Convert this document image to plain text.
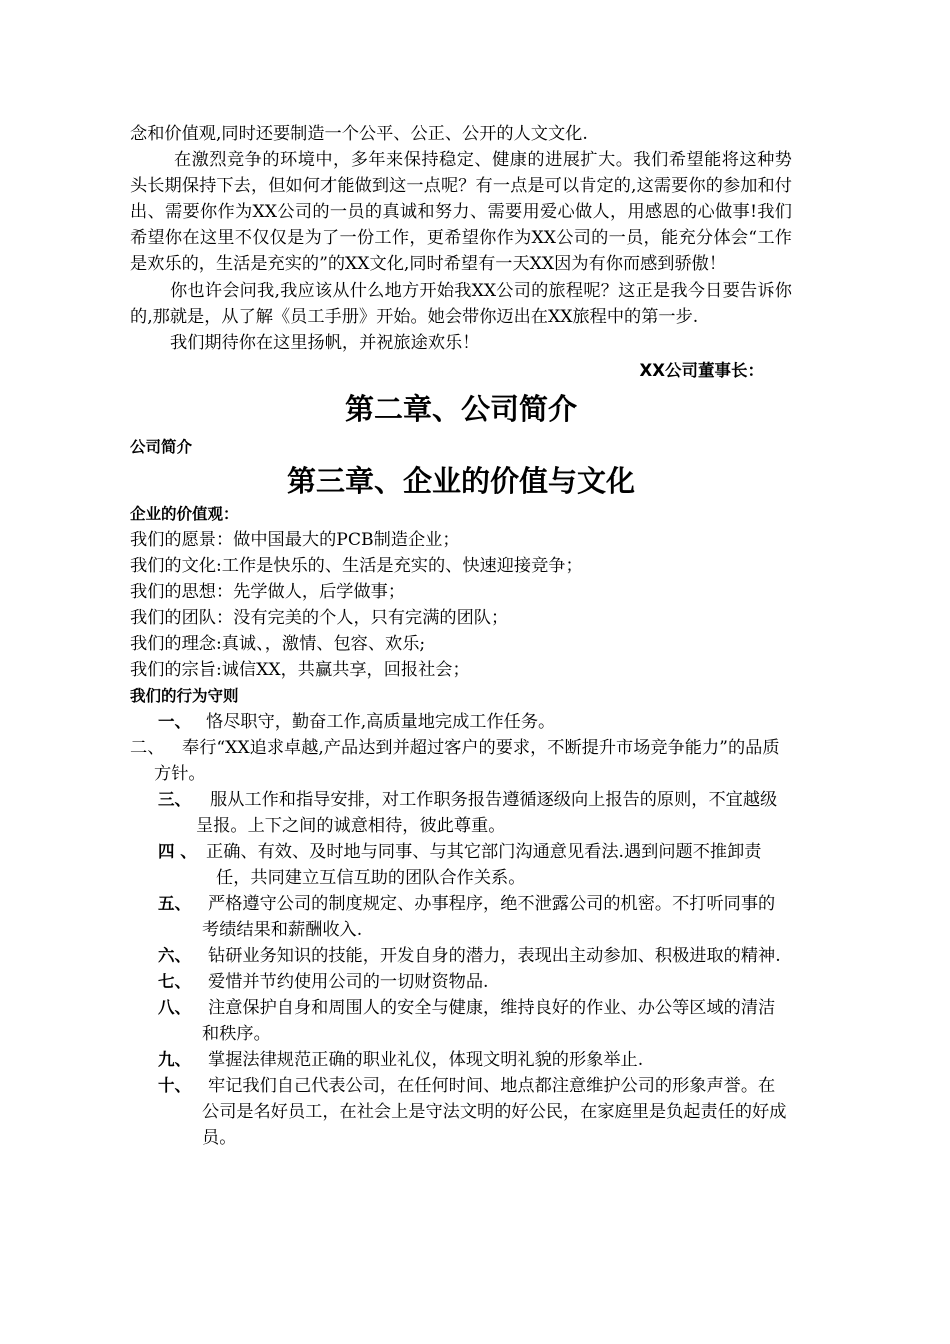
念和价值观,同时还要制造一个公平、公正、公开的人文文化.

在激烈竞争的环境中，多年来保持稳定、健康的进展扩大。我们希望能将这种势头长期保持下去，但如何才能做到这一点呢？有一点是可以肯定的,这需要你的参加和付出、需要你作为XX公司的一员的真诚和努力、需要用爱心做人，用感恩的心做事!我们希望你在这里不仅仅是为了一份工作，更希望你作为XX公司的一员，能充分体会“工作是欢乐的，生活是充实的”的XX文化,同时希望有一天XX因为有你而感到骄傲！

你也许会问我,我应该从什么地方开始我XX公司的旅程呢？这正是我今日要告诉你的,那就是，从了解《员工手册》开始。她会带你迈出在XX旅程中的第一步.

我们期待你在这里扬帆，并祝旅途欢乐！

XX公司董事长：

第二章、公司简介

公司简介

第三章、企业的价值与文化

企业的价值观：

我们的愿景：做中国最大的PCB制造企业；

我们的文化:工作是快乐的、生活是充实的、快速迎接竞争；

我们的思想：先学做人，后学做事；

我们的团队：没有完美的个人，只有完满的团队；

我们的理念:真诚、，激情、包容、欢乐;

我们的宗旨:诚信XX，共赢共享，回报社会；

我们的行为守则

一、 恪尽职守，勤奋工作,高质量地完成工作任务。
二、	奉行“XX追求卓越,产品达到并超过客户的要求，不断提升市场竞争能力”的品质方针。
三、	服从工作和指导安排，对工作职务报告遵循逐级向上报告的原则，不宜越级呈报。上下之间的诚意相待，彼此尊重。
四 、 正确、有效、及时地与同事、与其它部门沟通意见看法.遇到问题不推卸责任，共同建立互信互助的团队合作关系。
五、 严格遵守公司的制度规定、办事程序，绝不泄露公司的机密。不打听同事的考绩结果和薪酬收入.
六、 钻研业务知识的技能，开发自身的潜力，表现出主动参加、积极进取的精神.
七、 爱惜并节约使用公司的一切财资物品.
八、 注意保护自身和周围人的安全与健康，维持良好的作业、办公等区域的清洁和秩序。
九、 掌握法律规范正确的职业礼仪，体现文明礼貌的形象举止.
十、 牢记我们自己代表公司，在任何时间、地点都注意维护公司的形象声誉。在公司是名好员工，在社会上是守法文明的好公民，在家庭里是负起责任的好成员。
